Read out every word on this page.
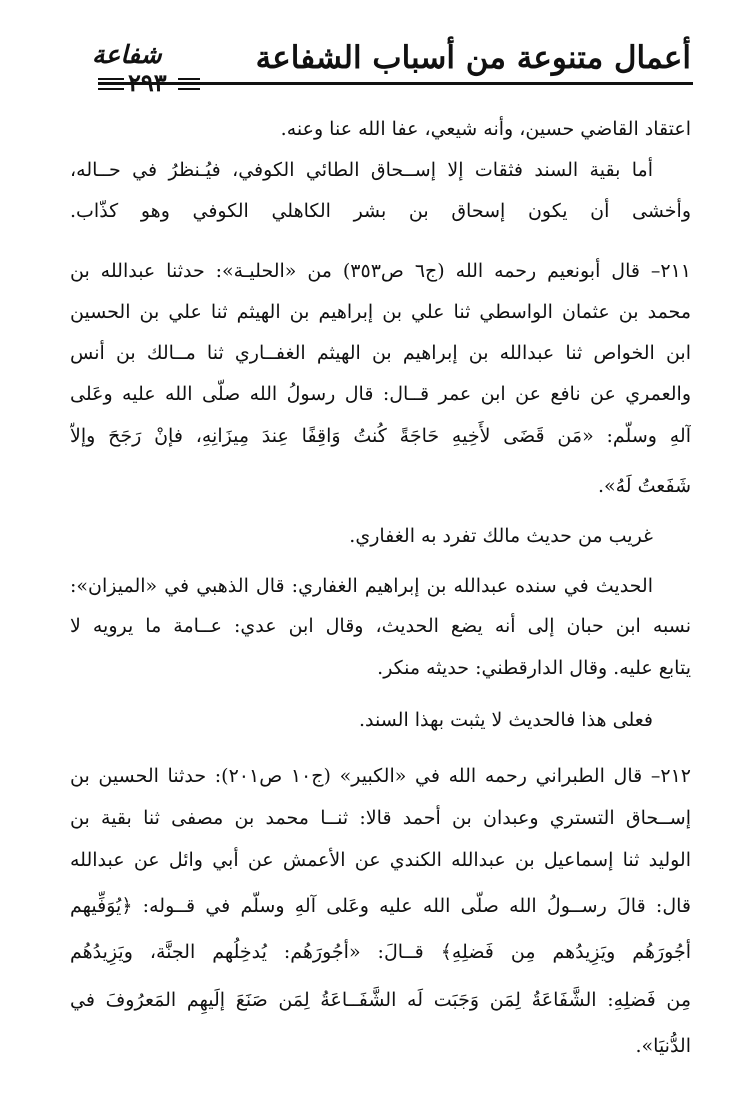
أعمال متنوعة من أسباب الشفاعة
شفاعة
٢٩٣
اعتقاد القاضي حسين، وأنه شيعي، عفا الله عنا وعنه.
أما بقية السند فثقات إلا إســحاق الطائي الكوفي، فيُـنظرُ في حــاله،
وأخشى أن يكون إسحاق بن بشر الكاهلي الكوفي وهو كذّاب.
٢١١– قال أبونعيم رحمه الله (ج٦ ص٣٥٣) من «الحليـة»: حدثنا عبدالله بن
محمد بن عثمان الواسطي ثنا علي بن إبراهيم بن الهيثم ثنا علي بن الحسين
ابن الخواص ثنا عبدالله بن إبراهيم بن الهيثم الغفــاري ثنا مــالك بن أنس
والعمري عن نافع عن ابن عمر قــال: قال رسولُ الله صلّى الله عليه وعَلى
آلهِ وسلّم: «مَن قَضَى لأَخِيهِ حَاجَةً كُنتُ وَاقِفًا عِندَ مِيزَانِهِ، فإنْ رَجَحَ وإلاّ
شَفَعتُ لَهُ».
غريب من حديث مالك تفرد به الغفاري.
الحديث في سنده عبدالله بن إبراهيم الغفاري: قال الذهبي في «الميزان»:
نسبه ابن حبان إلى أنه يضع الحديث، وقال ابن عدي: عــامة ما يرويه لا
يتابع عليه. وقال الدارقطني: حديثه منكر.
فعلى هذا فالحديث لا يثبت بهذا السند.
٢١٢– قال الطبراني رحمه الله في «الكبير» (ج١٠ ص٢٠١): حدثنا الحسين بن
إســحاق التستري وعبدان بن أحمد قالا: ثنــا محمد بن مصفى ثنا بقية بن
الوليد ثنا إسماعيل بن عبدالله الكندي عن الأعمش عن أبي وائل عن عبدالله
قال: قالَ رســولُ الله صلّى الله عليه وعَلى آلهِ وسلّم في قــوله: ﴿يُوَفِّيهم
أجُورَهُم ويَزِيدُهم مِن فَضلِهِ﴾ قــالَ: «أجُورَهُم: يُدخِلُهم الجنَّة، ويَزِيدُهُم
مِن فَضلِهِ: الشَّفَاعَةُ لِمَن وَجَبَت لَه الشَّفَــاعَةُ لِمَن صَنَعَ إلَيهِم المَعرُوفَ في
الدُّنيَا».
